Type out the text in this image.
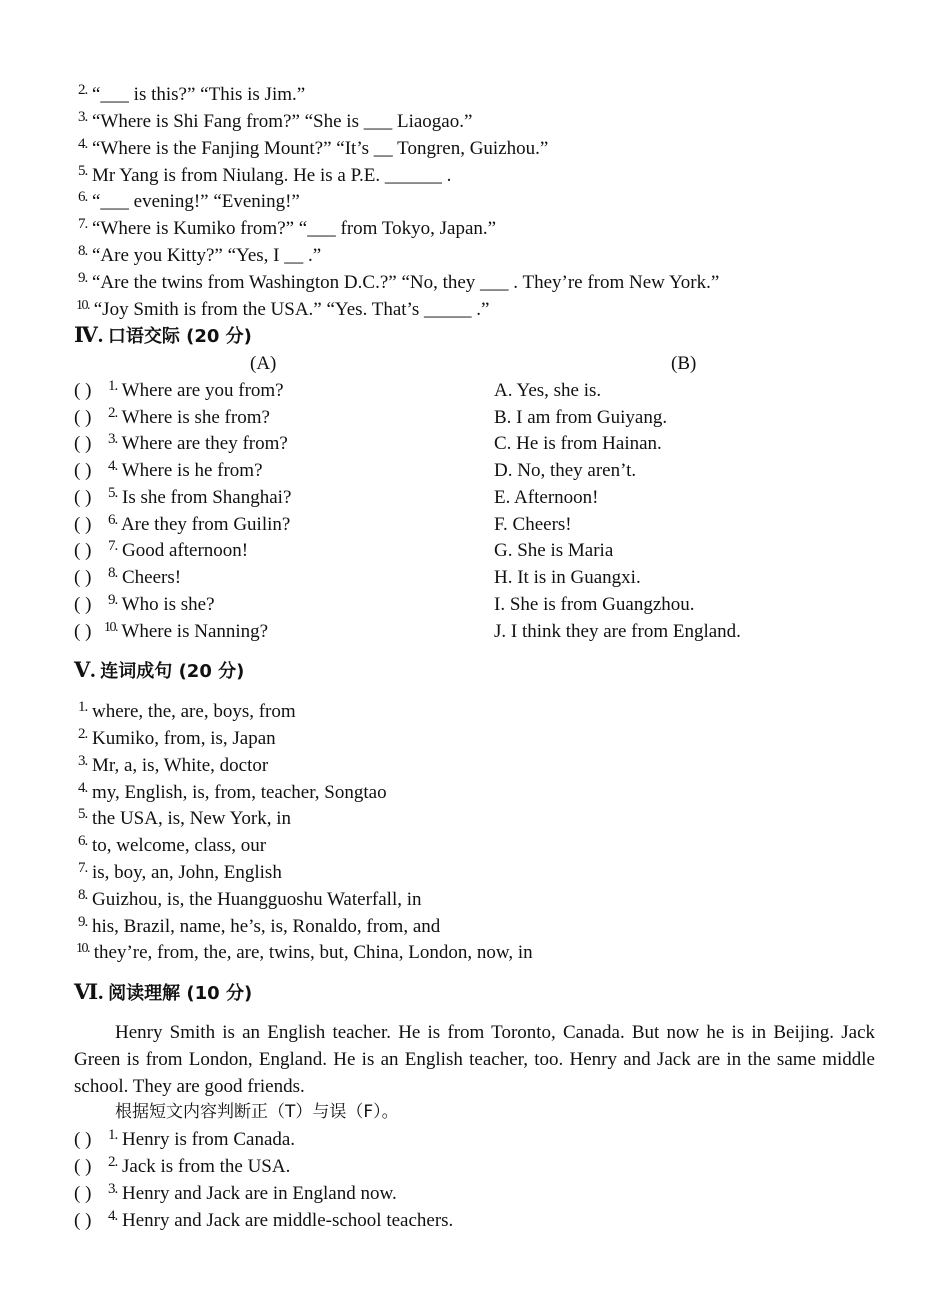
2. “___ is this?” “This is Jim.”
3. “Where is Shi Fang from?” “She is ___ Liaogao.”
4. “Where is the Fanjing Mount?” “It’s __ Tongren, Guizhou.”
5. Mr Yang is from Niulang. He is a P.E. ______ .
6. “___ evening!” “Evening!”
7. “Where is Kumiko from?” “___ from Tokyo, Japan.”
8. “Are you Kitty?” “Yes, I __ .”
9. “Are the twins from Washington D.C.?” “No, they ___ . They’re from New York.”
10. “Joy Smith is from the USA.” “Yes. That’s _____ .”
Ⅳ. 口语交际 (20 分)
(A)	(B)
( ) 1. Where are you from?
( ) 2. Where is she from?
( ) 3. Where are they from?
( ) 4. Where is he from?
( ) 5. Is she from Shanghai?
( ) 6. Are they from Guilin?
( ) 7. Good afternoon!
( ) 8. Cheers!
( ) 9. Who is she?
( ) 10. Where is Nanning?
A. Yes, she is.
B. I am from Guiyang.
C. He is from Hainan.
D. No, they aren’t.
E. Afternoon!
F. Cheers!
G. She is Maria
H. It is in Guangxi.
I. She is from Guangzhou.
J. I think they are from England.
Ⅴ. 连词成句 (20 分)
1. where, the, are, boys, from
2. Kumiko, from, is, Japan
3. Mr, a, is, White, doctor
4. my, English, is, from, teacher, Songtao
5. the USA, is, New York, in
6. to, welcome, class, our
7. is, boy, an, John, English
8. Guizhou, is, the Huangguoshu Waterfall, in
9. his, Brazil, name, he’s, is, Ronaldo, from, and
10. they’re, from, the, are, twins, but, China, London, now, in
Ⅵ. 阅读理解 (10 分)
Henry Smith is an English teacher. He is from Toronto, Canada. But now he is in Beijing. Jack Green is from London, England. He is an English teacher, too. Henry and Jack are in the same middle school. They are good friends.
根据短文内容判断正（T）与误（F）。
( ) 1. Henry is from Canada.
( ) 2. Jack is from the USA.
( ) 3. Henry and Jack are in England now.
( ) 4. Henry and Jack are middle-school teachers.
